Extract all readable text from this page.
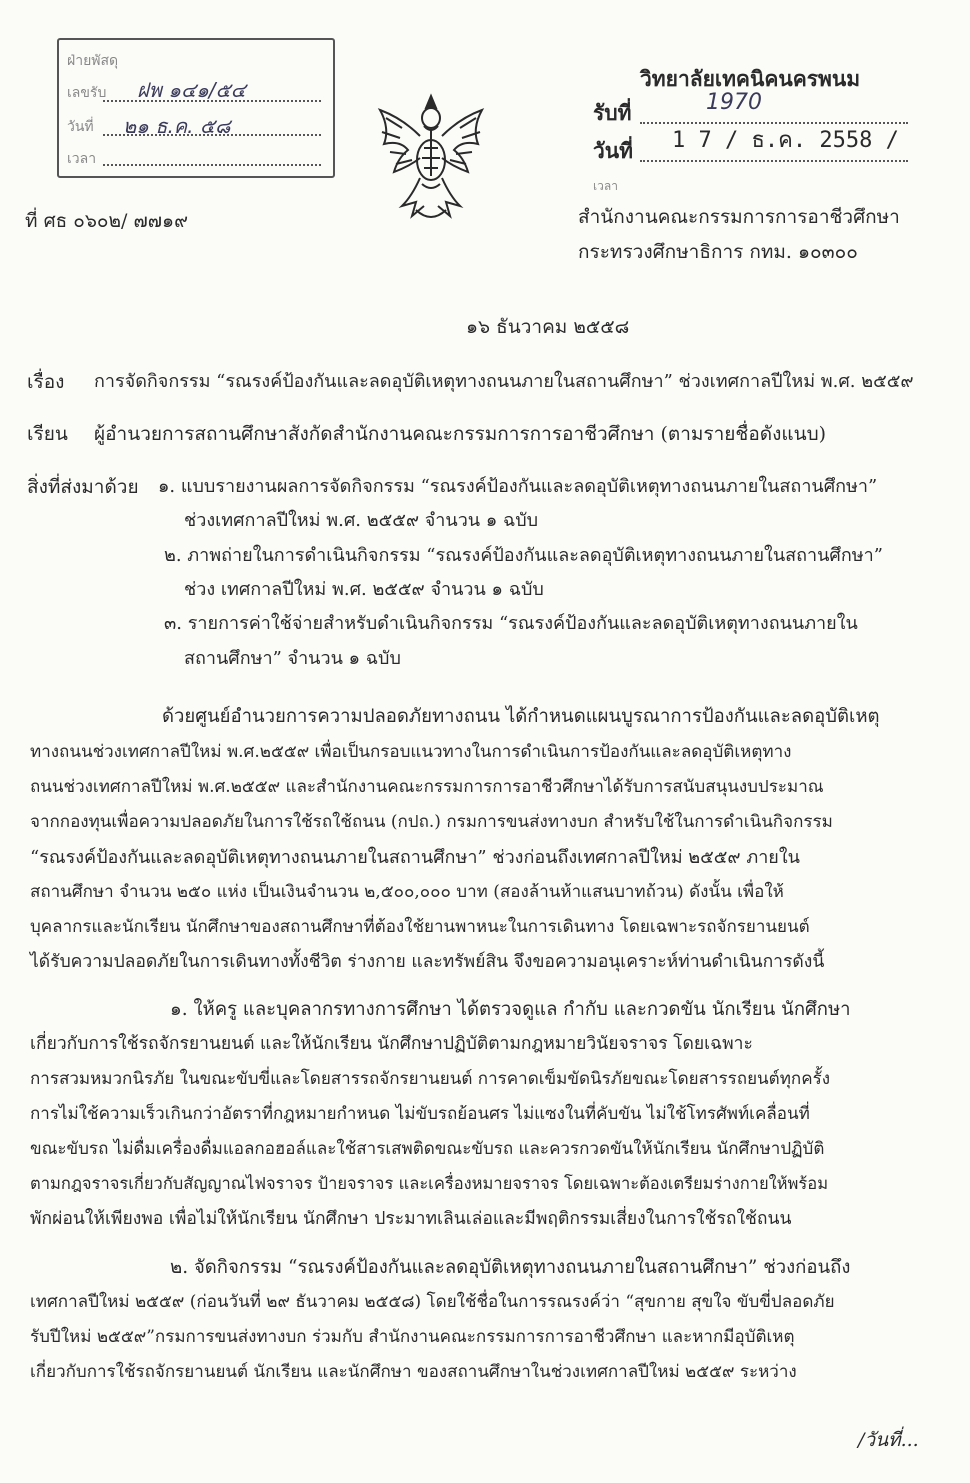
ฝ่ายพัสดุ
เลขรับ
วันที่
เวลา
ฝพ ๑๔๑/๕๔
๒๑ ธ.ค. ๕๘
วิทยาลัยเทคนิคนครพนม
รับที่	1970
วันที่ 1 7 / ธ.ค. 2558 /
เวลา
ที่ ศธ ๐๖๐๒/ ๗๗๑๙	สำนักงานคณะกรรมการการอาชีวศึกษา
กระทรวงศึกษาธิการ กทม. ๑๐๓๐๐
๑๖ ธันวาคม ๒๕๕๘
เรื่อง การจัดกิจกรรม “รณรงค์ป้องกันและลดอุบัติเหตุทางถนนภายในสถานศึกษา” ช่วงเทศกาลปีใหม่ พ.ศ. ๒๕๕๙
เรียน ผู้อำนวยการสถานศึกษาสังกัดสำนักงานคณะกรรมการการอาชีวศึกษา (ตามรายชื่อดังแนบ)
สิ่งที่ส่งมาด้วย ๑. แบบรายงานผลการจัดกิจกรรม “รณรงค์ป้องกันและลดอุบัติเหตุทางถนนภายในสถานศึกษา”
ช่วงเทศกาลปีใหม่ พ.ศ. ๒๕๕๙ จำนวน ๑ ฉบับ
๒. ภาพถ่ายในการดำเนินกิจกรรม “รณรงค์ป้องกันและลดอุบัติเหตุทางถนนภายในสถานศึกษา”
ช่วง เทศกาลปีใหม่ พ.ศ. ๒๕๕๙ จำนวน ๑ ฉบับ
๓. รายการค่าใช้จ่ายสำหรับดำเนินกิจกรรม “รณรงค์ป้องกันและลดอุบัติเหตุทางถนนภายใน
สถานศึกษา” จำนวน ๑ ฉบับ
ด้วยศูนย์อำนวยการความปลอดภัยทางถนน ได้กำหนดแผนบูรณาการป้องกันและลดอุบัติเหตุ
ทางถนนช่วงเทศกาลปีใหม่ พ.ศ.๒๕๕๙ เพื่อเป็นกรอบแนวทางในการดำเนินการป้องกันและลดอุบัติเหตุทาง
ถนนช่วงเทศกาลปีใหม่ พ.ศ.๒๕๕๙ และสำนักงานคณะกรรมการการอาชีวศึกษาได้รับการสนับสนุนงบประมาณ
จากกองทุนเพื่อความปลอดภัยในการใช้รถใช้ถนน (กปถ.) กรมการขนส่งทางบก สำหรับใช้ในการดำเนินกิจกรรม
“รณรงค์ป้องกันและลดอุบัติเหตุทางถนนภายในสถานศึกษา” ช่วงก่อนถึงเทศกาลปีใหม่ ๒๕๕๙ ภายใน
สถานศึกษา จำนวน ๒๕๐ แห่ง เป็นเงินจำนวน ๒,๕๐๐,๐๐๐ บาท (สองล้านห้าแสนบาทถ้วน) ดังนั้น เพื่อให้
บุคลากรและนักเรียน นักศึกษาของสถานศึกษาที่ต้องใช้ยานพาหนะในการเดินทาง โดยเฉพาะรถจักรยานยนต์
ได้รับความปลอดภัยในการเดินทางทั้งชีวิต ร่างกาย และทรัพย์สิน จึงขอความอนุเคราะห์ท่านดำเนินการดังนี้
๑. ให้ครู และบุคลากรทางการศึกษา ได้ตรวจดูแล กำกับ และกวดขัน นักเรียน นักศึกษา
เกี่ยวกับการใช้รถจักรยานยนต์ และให้นักเรียน นักศึกษาปฏิบัติตามกฎหมายวินัยจราจร โดยเฉพาะ
การสวมหมวกนิรภัย ในขณะขับขี่และโดยสารรถจักรยานยนต์ การคาดเข็มขัดนิรภัยขณะโดยสารรถยนต์ทุกครั้ง
การไม่ใช้ความเร็วเกินกว่าอัตราที่กฎหมายกำหนด ไม่ขับรถย้อนศร ไม่แซงในที่คับขัน ไม่ใช้โทรศัพท์เคลื่อนที่
ขณะขับรถ ไม่ดื่มเครื่องดื่มแอลกอฮอล์และใช้สารเสพติดขณะขับรถ และควรกวดขันให้นักเรียน นักศึกษาปฏิบัติ
ตามกฎจราจรเกี่ยวกับสัญญาณไฟจราจร ป้ายจราจร และเครื่องหมายจราจร โดยเฉพาะต้องเตรียมร่างกายให้พร้อม
พักผ่อนให้เพียงพอ เพื่อไม่ให้นักเรียน นักศึกษา ประมาทเลินเล่อและมีพฤติกรรมเสี่ยงในการใช้รถใช้ถนน
๒. จัดกิจกรรม “รณรงค์ป้องกันและลดอุบัติเหตุทางถนนภายในสถานศึกษา” ช่วงก่อนถึง
เทศกาลปีใหม่ ๒๕๕๙ (ก่อนวันที่ ๒๙ ธันวาคม ๒๕๕๘) โดยใช้ชื่อในการรณรงค์ว่า “สุขกาย สุขใจ ขับขี่ปลอดภัย
รับปีใหม่ ๒๕๕๙”กรมการขนส่งทางบก ร่วมกับ สำนักงานคณะกรรมการการอาชีวศึกษา และหากมีอุบัติเหตุ
เกี่ยวกับการใช้รถจักรยานยนต์ นักเรียน และนักศึกษา ของสถานศึกษาในช่วงเทศกาลปีใหม่ ๒๕๕๙ ระหว่าง
/วันที่...
